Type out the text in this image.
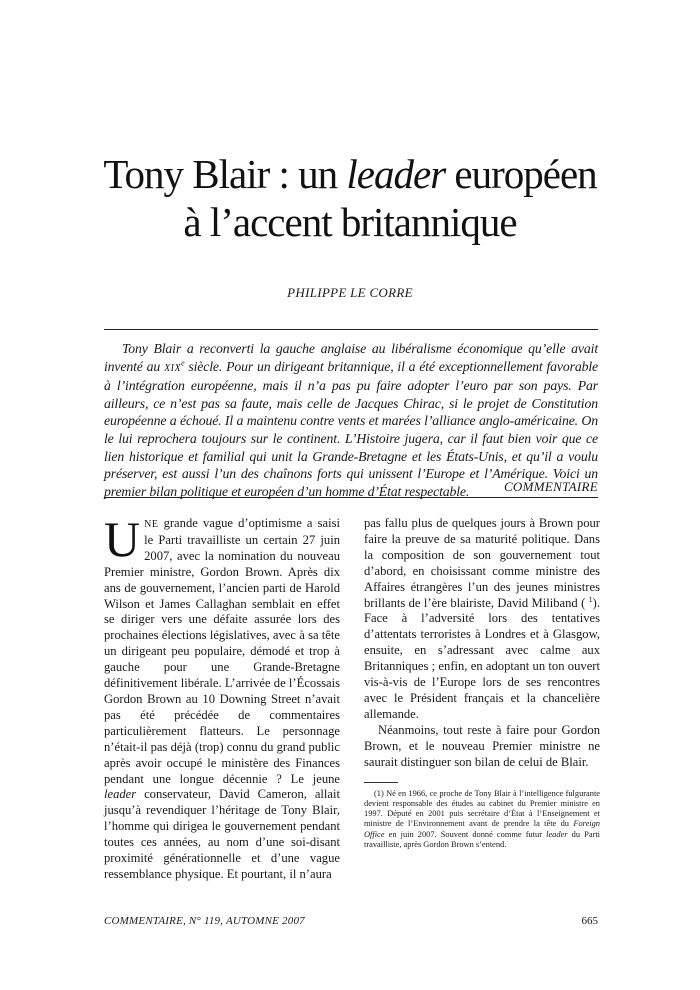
Tony Blair : un leader européen
à l’accent britannique
PHILIPPE LE CORRE

Tony Blair a reconverti la gauche anglaise au libéralisme économique qu’elle avait inventé au XIXe siècle. Pour un dirigeant britannique, il a été exceptionnellement favorable à l’intégration européenne, mais il n’a pas pu faire adopter l’euro par son pays. Par ailleurs, ce n’est pas sa faute, mais celle de Jacques Chirac, si le projet de Constitution européenne a échoué. Il a maintenu contre vents et marées l’alliance anglo-américaine. On le lui reprochera toujours sur le continent. L’Histoire jugera, car il faut bien voir que ce lien historique et familial qui unit la Grande-Bretagne et les États-Unis, et qu’il a voulu préserver, est aussi l’un des chaînons forts qui unissent l’Europe et l’Amérique. Voici un premier bilan politique et européen d’un homme d’État respectable.	COMMENTAIRE

UNE grande vague d’optimisme a saisi le Parti travailliste un certain 27 juin 2007, avec la nomination du nouveau Premier ministre, Gordon Brown. Après dix ans de gouvernement, l’ancien parti de Harold Wilson et James Callaghan semblait en effet se diriger vers une défaite assurée lors des prochaines élections législatives, avec à sa tête un dirigeant peu populaire, démodé et trop à gauche pour une Grande-Bretagne définitivement libérale. L’arrivée de l’Écossais Gordon Brown au 10 Downing Street n’avait pas été précédée de commentaires particulièrement flatteurs. Le personnage n’était-il pas déjà (trop) connu du grand public après avoir occupé le ministère des Finances pendant une longue décennie ? Le jeune leader conservateur, David Cameron, allait jusqu’à revendiquer l’héritage de Tony Blair, l’homme qui dirigea le gouvernement pendant toutes ces années, au nom d’une soi-disant proximité générationnelle et d’une vague ressemblance physique. Et pourtant, il n’aura

pas fallu plus de quelques jours à Brown pour faire la preuve de sa maturité politique. Dans la composition de son gouvernement tout d’abord, en choisissant comme ministre des Affaires étrangères l’un des jeunes ministres brillants de l’ère blairiste, David Miliband ( $^1$). Face à l’adversité lors des tentatives d’attentats terroristes à Londres et à Glasgow, ensuite, en s’adressant avec calme aux Britanniques ; enfin, en adoptant un ton ouvert vis-à-vis de l’Europe lors de ses rencontres avec le Président français et la chancelière allemande.

Néanmoins, tout reste à faire pour Gordon Brown, et le nouveau Premier ministre ne saurait distinguer son bilan de celui de Blair.

(1) Né en 1966, ce proche de Tony Blair à l’intelligence fulgurante devient responsable des études au cabinet du Premier ministre en 1997. Député en 2001 puis secrétaire d’État à l’Enseignement et ministre de l’Environnement avant de prendre la tête du Foreign Office en juin 2007. Souvent donné comme futur leader du Parti travailliste, après Gordon Brown s’entend.

COMMENTAIRE, N° 119, AUTOMNE 2007	665
